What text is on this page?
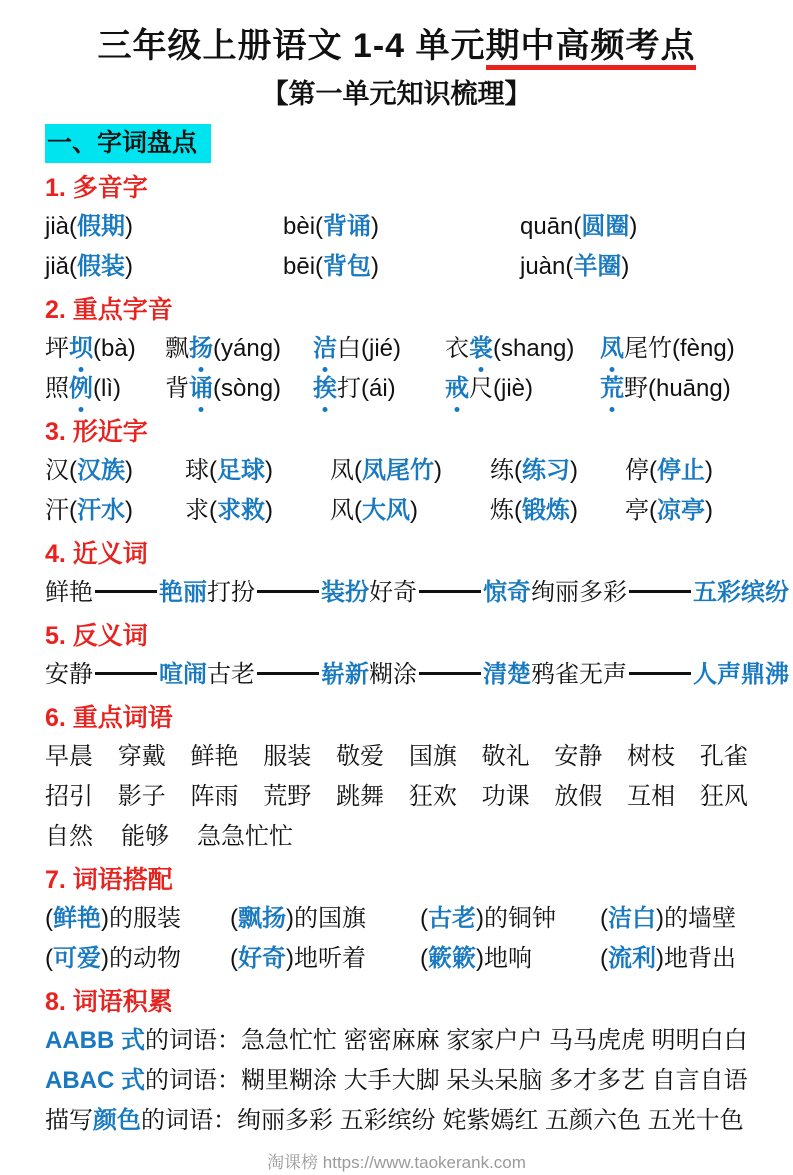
三年级上册语文 1-4 单元期中高频考点
【第一单元知识梳理】
一、字词盘点
1. 多音字
jià(假期)	bèi(背诵)	quān(圆圈)
jiǎ(假装)	bēi(背包)	juàn(羊圈)
2. 重点字音
坪坝(bà)	飘扬(yáng)	洁白(jié)	衣裳(shang)	凤尾竹(fèng)
照例(lì)	背诵(sòng)	挨打(ái)	戒尺(jiè)	荒野(huāng)
3. 形近字
汉(汉族)	球(足球)	凤(凤尾竹)	练(练习)	停(停止)
汗(汗水)	求(求救)	风(大风)	炼(锻炼)	亭(凉亭)
4. 近义词
鲜艳	艳丽 打扮	装扮 好奇	惊奇 绚丽多彩	五彩缤纷
5. 反义词
安静	喧闹 古老	崭新 糊涂	清楚 鸦雀无声	人声鼎沸
6. 重点词语
早晨 穿戴 鲜艳 服装 敬爱 国旗 敬礼 安静 树枝 孔雀
招引 影子 阵雨 荒野 跳舞 狂欢 功课 放假 互相 狂风
自然 能够 急急忙忙
7. 词语搭配
(鲜艳)的服装	(飘扬)的国旗	(古老)的铜钟	(洁白)的墙壁
(可爱)的动物	(好奇)地听着	(簌簌)地响	(流利)地背出
8. 词语积累
AABB 式的词语：急急忙忙 密密麻麻 家家户户 马马虎虎 明明白白
ABAC 式的词语：糊里糊涂 大手大脚 呆头呆脑 多才多艺 自言自语
描写颜色的词语：绚丽多彩 五彩缤纷 姹紫嫣红 五颜六色 五光十色
淘课榜 https://www.taokerank.com
